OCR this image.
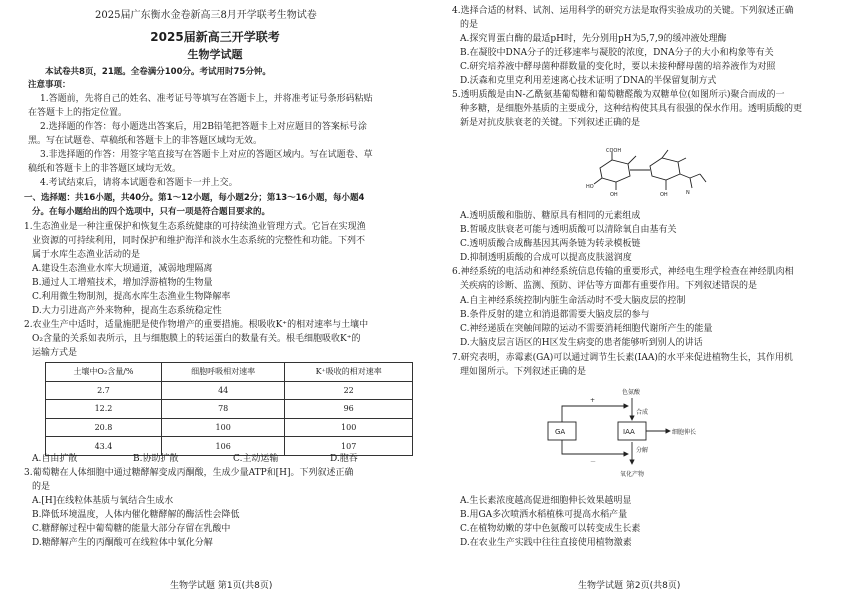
2025届广东衡水金卷新高三8月开学联考生物试卷
2025届新高三开学联考
生物学试题
本试卷共8页，21题。全卷满分100分。考试用时75分钟。
注意事项：
1.答题前，先将自己的姓名、准考证号等填写在答题卡上，并将准考证号条形码粘贴
在答题卡上的指定位置。
2.选择题的作答：每小题选出答案后，用2B铅笔把答题卡上对应题目的答案标号涂
黑。写在试题卷、草稿纸和答题卡上的非答题区域均无效。
3.非选择题的作答：用签字笔直接写在答题卡上对应的答题区域内。写在试题卷、草
稿纸和答题卡上的非答题区域均无效。
4.考试结束后，请将本试题卷和答题卡一并上交。
一、选择题：共16小题，共40分。第1～12小题，每小题2分；第13～16小题，每小题4
分。在每小题给出的四个选项中，只有一项是符合题目要求的。
1.生态渔业是一种注重保护和恢复生态系统健康的可持续渔业管理方式。它旨在实现渔
业资源的可持续利用，同时保护和维护海洋和淡水生态系统的完整性和功能。下列不
属于水库生态渔业活动的是
A.建设生态渔业水库大坝通道，减弱地理隔离
B.通过人工增殖技术，增加浮游植物的生物量
C.利用微生物制剂，提高水库生态渔业生物降解率
D.大力引进高产外来物种，提高生态系统稳定性
2.农业生产中适时，适量施肥是使作物增产的重要措施。根吸收K⁺的相对速率与土壤中
O₂含量的关系如表所示，且与细胞膜上的转运蛋白的数量有关。根毛细胞吸收K⁺的
运输方式是
土壤中O₂含量/%	细胞呼吸相对速率	K⁺吸收的相对速率
2.7	44	22
12.2	78	96
20.8	100	100
43.4	106	107
A.自由扩散	B.协助扩散	C.主动运输	D.胞吞
3.葡萄糖在人体细胞中通过糖酵解变成丙酮酸，生成少量ATP和[H]。下列叙述正确
的是
A.[H]在线粒体基质与氧结合生成水
B.降低环境温度，人体内催化糖酵解的酶活性会降低
C.糖酵解过程中葡萄糖的能量大部分存留在乳酸中
D.糖酵解产生的丙酮酸可在线粒体中氧化分解
生物学试题 第1页(共8页)
4.选择合适的材料、试剂、运用科学的研究方法是取得实验成功的关键。下列叙述正确
的是
A.探究胃蛋白酶的最适pH时，先分别用pH为5,7,9的缓冲液处理酶
B.在凝胶中DNA分子的迁移速率与凝胶的浓度，DNA分子的大小和构象等有关
C.研究培养液中酵母菌种群数量的变化时，要以未接种酵母菌的培养液作为对照
D.沃森和克里克利用差速离心技术证明了DNA的半保留复制方式
5.透明质酸是由N-乙酰氨基葡萄糖和葡萄糖醛酸为双糖单位(如图所示)聚合而成的一
种多糖，是细胞外基质的主要成分，这种结构使其具有很强的保水作用。透明质酸的更
新是对抗皮肤衰老的关键。下列叙述正确的是
COOH
HO
OH	OH	N
A.透明质酸和脂肪、糖原具有相同的元素组成
B.皙暖皮肤衰老可能与透明质酸可以清除氧自由基有关
C.透明质酸合成酶基因其两条链为转录模板链
D.抑制透明质酸的合成可以提高皮肤滋润度
6.神经系统的电活动和神经系统信息传输的重要形式，神经电生理学检查在神经肌肉相
关疾病的诊断、监测、预防、评估等方面都有重要作用。下列叙述错误的是
A.自主神经系统控制内脏生命活动时不受大脑皮层的控制
B.条件反射的建立和消退都需要大脑皮层的参与
C.神经递质在突触间隙的运动不需要消耗细胞代谢所产生的能量
D.大脑皮层言语区的H区发生病变的患者能够听到别人的讲话
7.研究表明，赤霉素(GA)可以通过调节生长素(IAA)的水平来促进植物生长，其作用机
理如图所示。下列叙述正确的是
色氨酸
合成
GA	IAA	细胞伸长
分解
氧化产物
+
－
A.生长素浓度越高促进细胞伸长效果越明显
B.用GA多次喷洒水稻植株可提高水稻产量
C.在植物幼嫩的芽中色氨酸可以转变成生长素
D.在农业生产实践中往往直接使用植物激素
生物学试题 第2页(共8页)
